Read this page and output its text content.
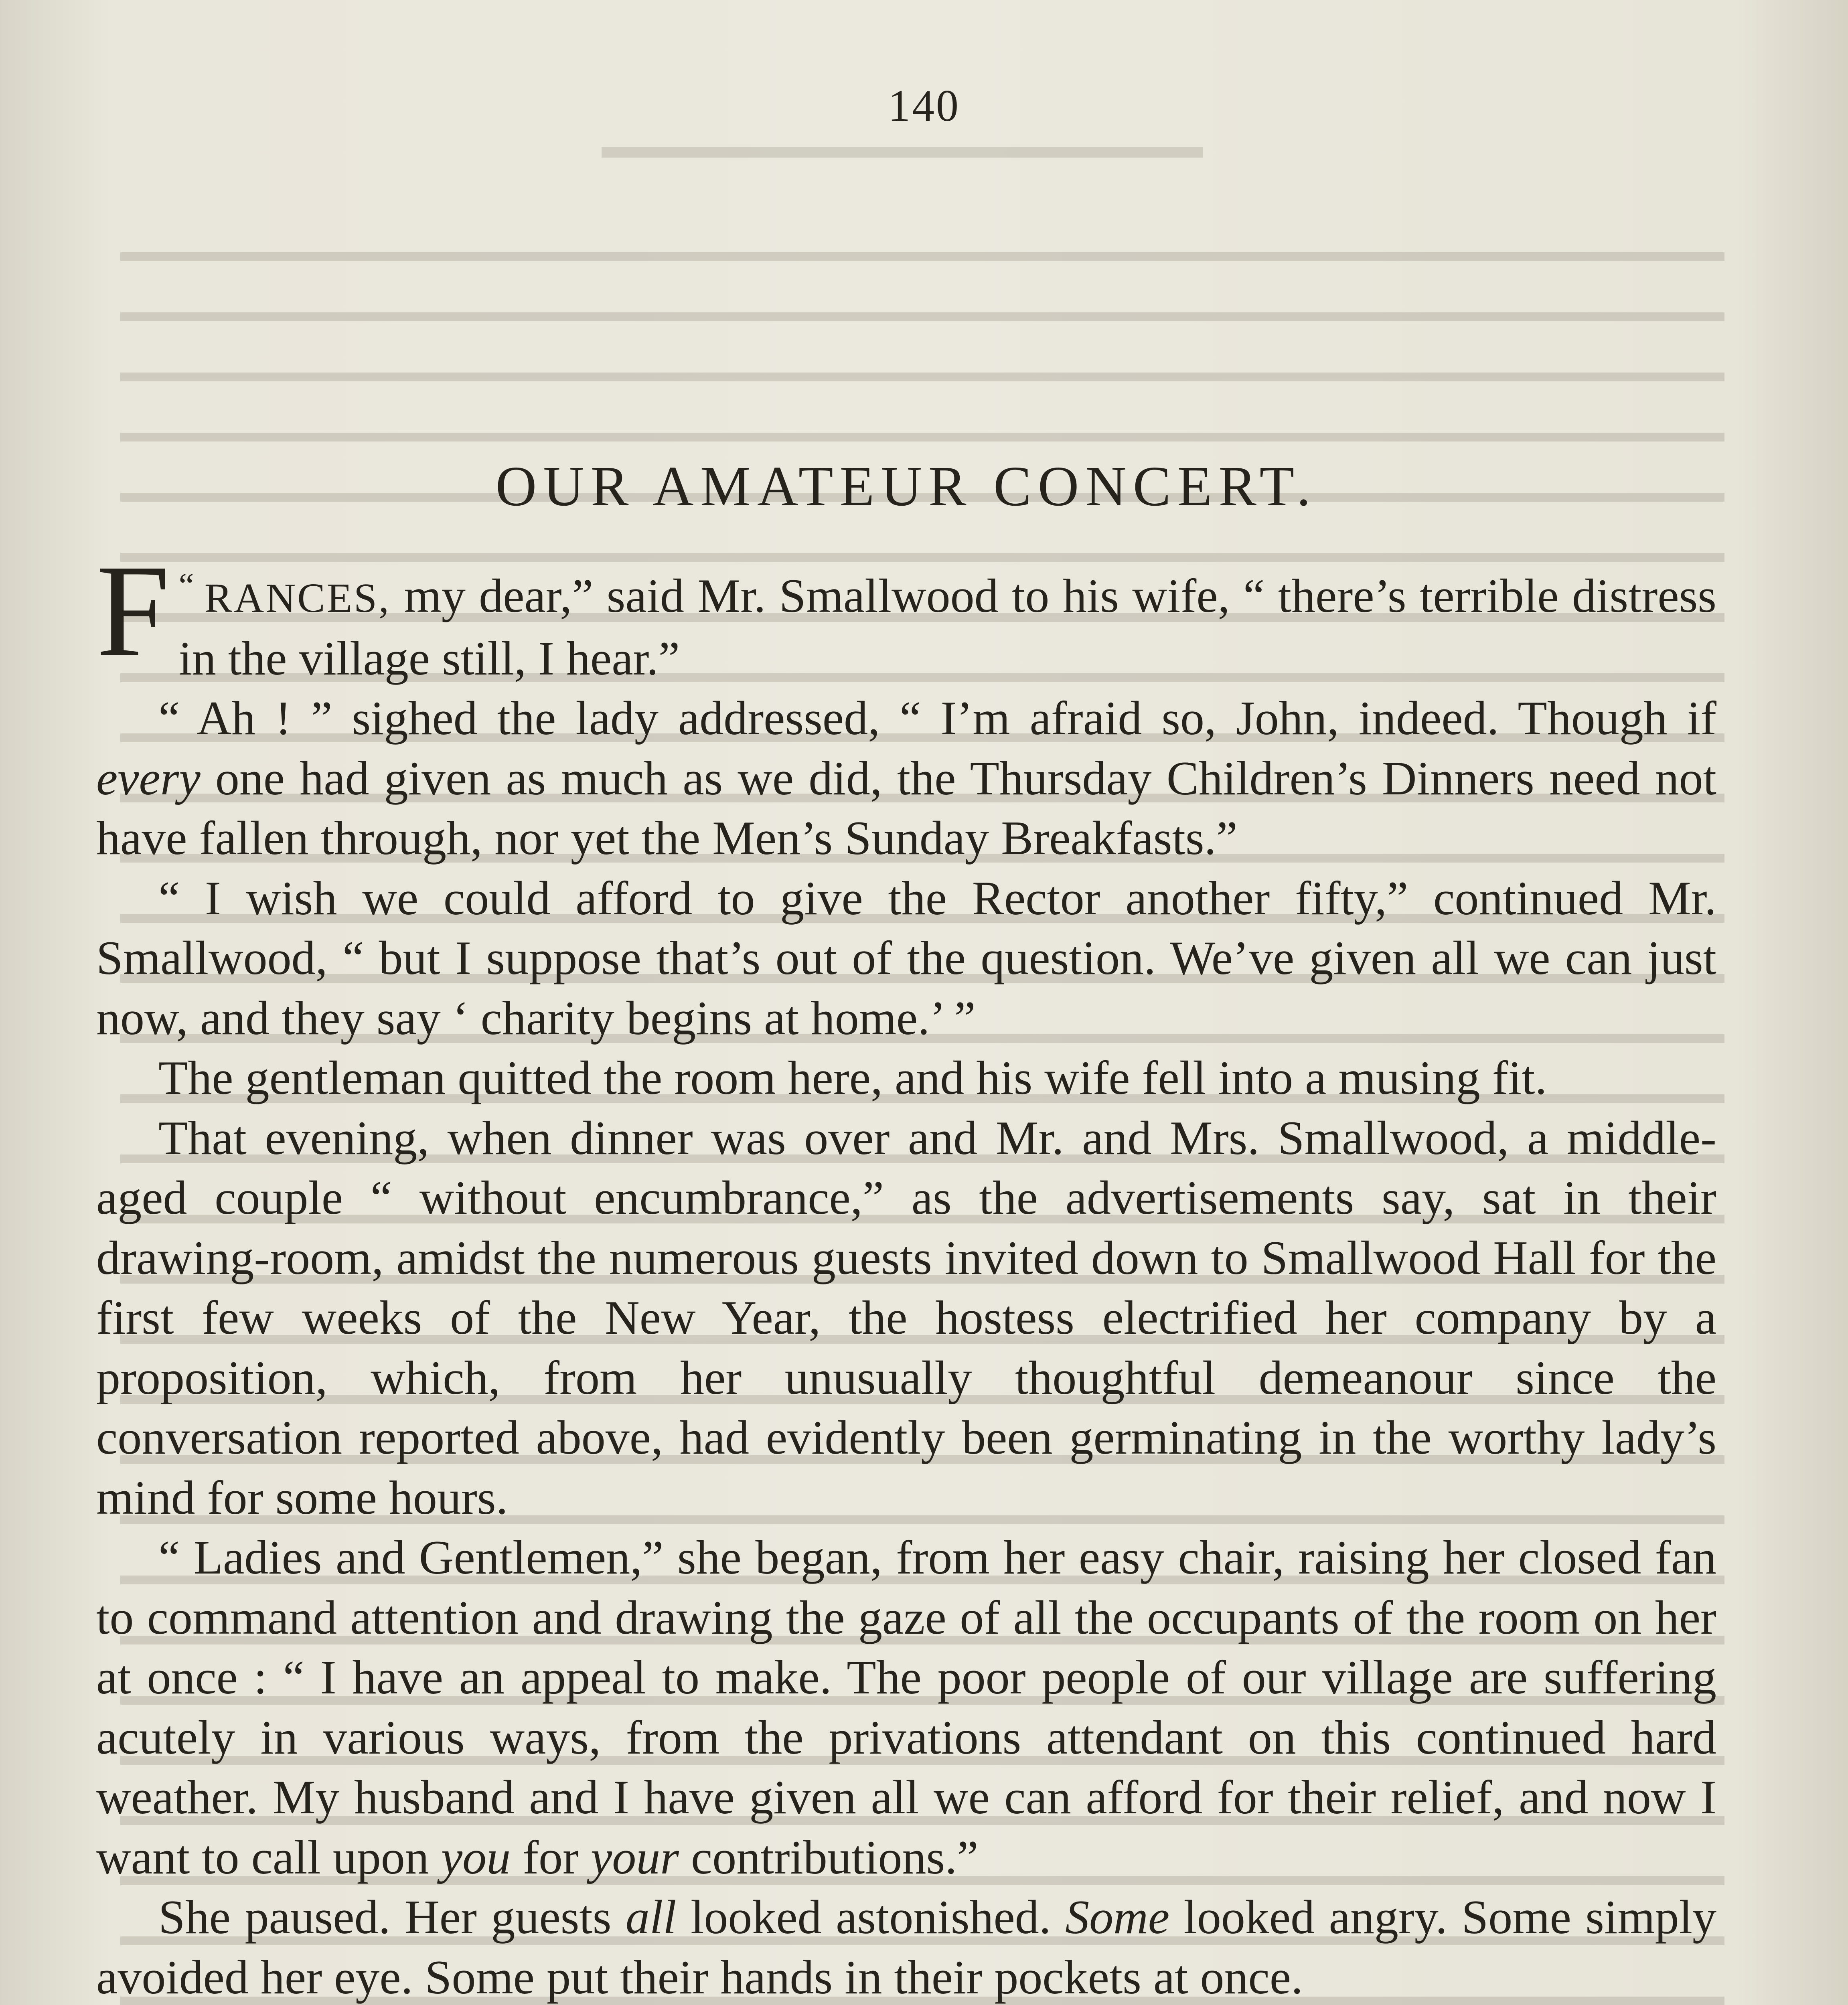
140
OUR AMATEUR CONCERT.

“
F RANCES, my dear,” said Mr. Smallwood to his wife, “ there’s terrible distress in the village still, I hear.”

“ Ah ! ” sighed the lady addressed, “ I’m afraid so, John, indeed. Though if every one had given as much as we did, the Thursday Children’s Dinners need not have fallen through, nor yet the Men’s Sunday Breakfasts.”

“ I wish we could afford to give the Rector another fifty,” continued Mr. Smallwood, “ but I suppose that’s out of the question. We’ve given all we can just now, and they say ‘ charity begins at home.’ ”

The gentleman quitted the room here, and his wife fell into a musing fit.

That evening, when dinner was over and Mr. and Mrs. Smallwood, a middle-aged couple “ without encumbrance,” as the advertisements say, sat in their drawing-room, amidst the numerous guests invited down to Smallwood Hall for the first few weeks of the New Year, the hostess electrified her company by a proposition, which, from her unusually thoughtful demeanour since the conversation reported above, had evidently been germinating in the worthy lady’s mind for some hours.

“ Ladies and Gentlemen,” she began, from her easy chair, raising her closed fan to command attention and drawing the gaze of all the occupants of the room on her at once : “ I have an appeal to make. The poor people of our village are suffering acutely in various ways, from the privations attendant on this continued hard weather. My husband and I have given all we can afford for their relief, and now I want to call upon you for your contributions.”

She paused. Her guests all looked astonished. Some looked angry. Some simply avoided her eye. Some put their hands in their pockets at once.
